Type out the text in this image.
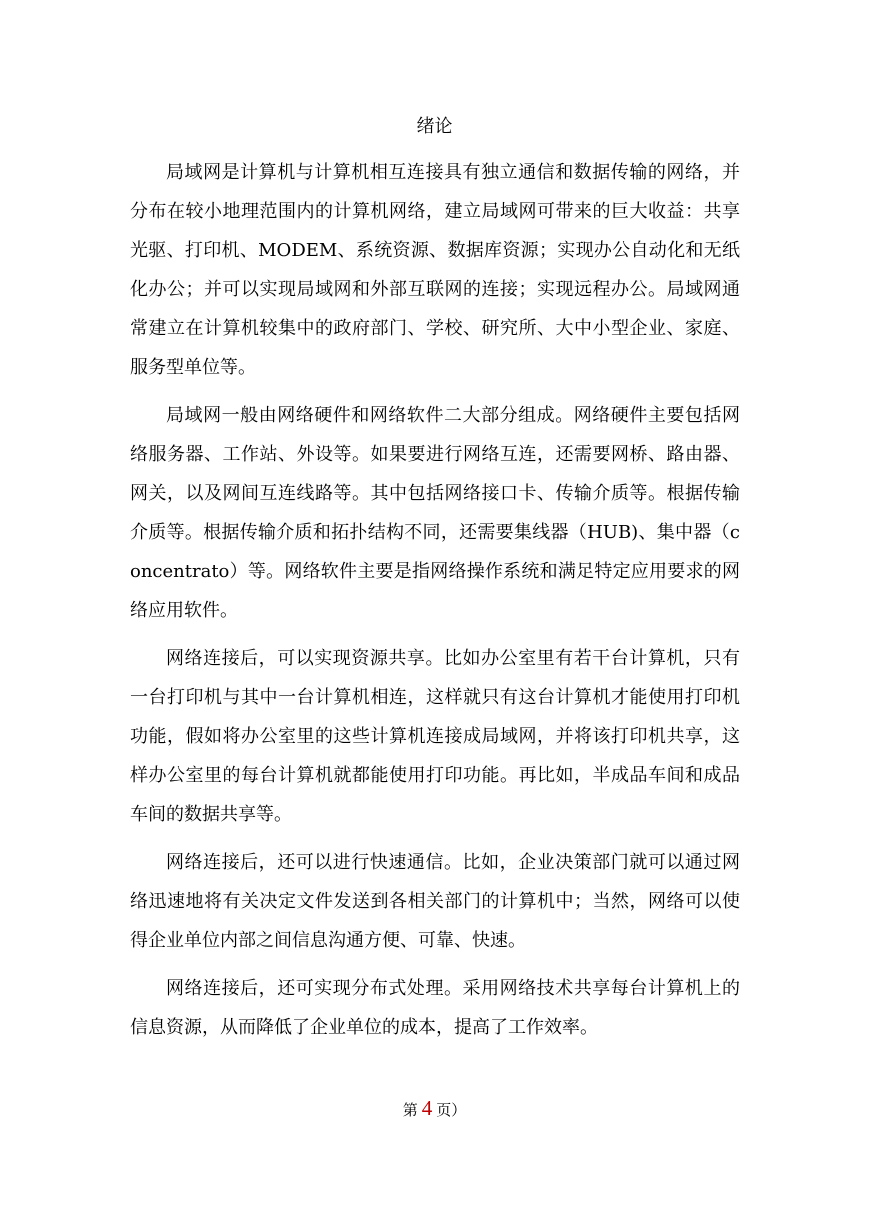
绪论

局域网是计算机与计算机相互连接具有独立通信和数据传输的网络，并分布在较小地理范围内的计算机网络，建立局域网可带来的巨大收益：共享光驱、打印机、MODEM、系统资源、数据库资源；实现办公自动化和无纸化办公；并可以实现局域网和外部互联网的连接；实现远程办公。局域网通常建立在计算机较集中的政府部门、学校、研究所、大中小型企业、家庭、服务型单位等。

局域网一般由网络硬件和网络软件二大部分组成。网络硬件主要包括网络服务器、工作站、外设等。如果要进行网络互连，还需要网桥、路由器、网关，以及网间互连线路等。其中包括网络接口卡、传输介质等。根据传输介质等。根据传输介质和拓扑结构不同，还需要集线器（HUB)、集中器（concentrato）等。网络软件主要是指网络操作系统和满足特定应用要求的网络应用软件。

网络连接后，可以实现资源共享。比如办公室里有若干台计算机，只有一台打印机与其中一台计算机相连，这样就只有这台计算机才能使用打印机功能，假如将办公室里的这些计算机连接成局域网，并将该打印机共享，这样办公室里的每台计算机就都能使用打印功能。再比如，半成品车间和成品车间的数据共享等。

网络连接后，还可以进行快速通信。比如，企业决策部门就可以通过网络迅速地将有关决定文件发送到各相关部门的计算机中；当然，网络可以使得企业单位内部之间信息沟通方便、可靠、快速。

网络连接后，还可实现分布式处理。采用网络技术共享每台计算机上的信息资源，从而降低了企业单位的成本，提高了工作效率。

第 4 页）
